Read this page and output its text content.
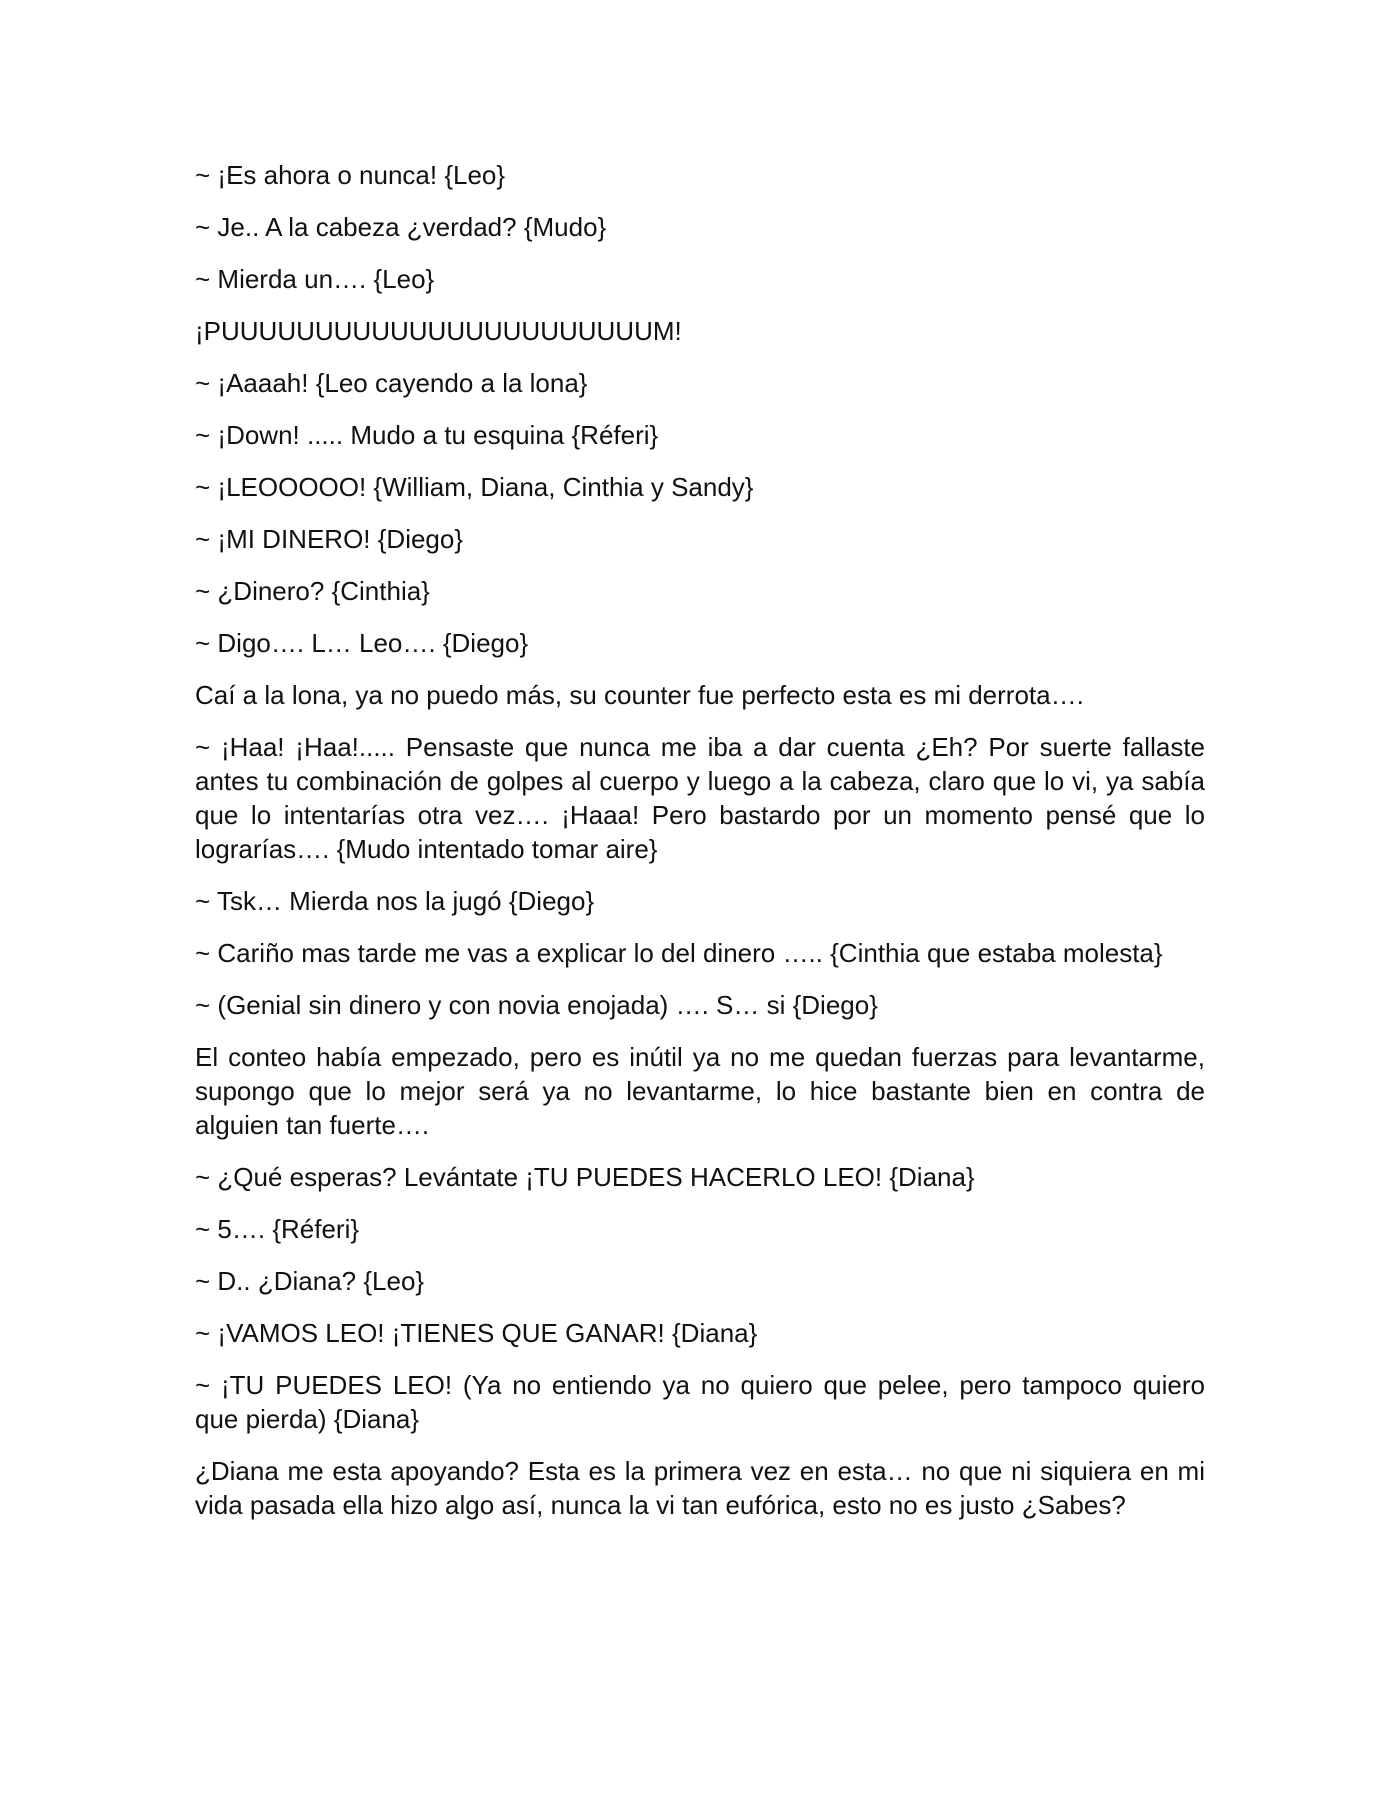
~ ¡Es ahora o nunca! {Leo}

~ Je.. A la cabeza ¿verdad? {Mudo}

~ Mierda un…. {Leo}

¡PUUUUUUUUUUUUUUUUUUUUUUUM!

~ ¡Aaaah! {Leo cayendo a la lona}

~ ¡Down! ..... Mudo a tu esquina {Réferi}

~ ¡LEOOOOO! {William, Diana, Cinthia y Sandy}

~ ¡MI DINERO! {Diego}

~ ¿Dinero? {Cinthia}

~ Digo…. L… Leo…. {Diego}

Caí a la lona, ya no puedo más, su counter fue perfecto esta es mi derrota….

~ ¡Haa! ¡Haa!..... Pensaste que nunca me iba a dar cuenta ¿Eh? Por suerte fallaste antes tu combinación de golpes al cuerpo y luego a la cabeza, claro que lo vi, ya sabía que lo intentarías otra vez…. ¡Haaa! Pero bastardo por un momento pensé que lo lograrías…. {Mudo intentado tomar aire}

~ Tsk… Mierda nos la jugó {Diego}

~ Cariño mas tarde me vas a explicar lo del dinero ….. {Cinthia que estaba molesta}

~ (Genial sin dinero y con novia enojada) …. S… si {Diego}

El conteo había empezado, pero es inútil ya no me quedan fuerzas para levantarme, supongo que lo mejor será ya no levantarme, lo hice bastante bien en contra de alguien tan fuerte….

~ ¿Qué esperas? Levántate ¡TU PUEDES HACERLO LEO! {Diana}

~ 5…. {Réferi}

~ D.. ¿Diana? {Leo}

~ ¡VAMOS LEO! ¡TIENES QUE GANAR! {Diana}

~ ¡TU PUEDES LEO! (Ya no entiendo ya no quiero que pelee, pero tampoco quiero que pierda) {Diana}

¿Diana me esta apoyando? Esta es la primera vez en esta… no que ni siquiera en mi vida pasada ella hizo algo así, nunca la vi tan eufórica, esto no es justo ¿Sabes?
